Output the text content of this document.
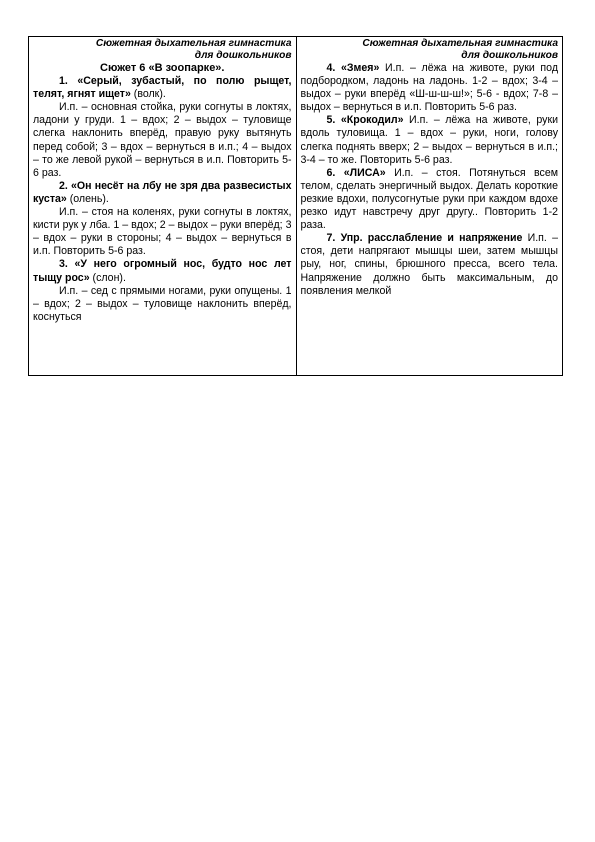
Сюжетная дыхательная гимнастика
для дошкольников
Сюжет 6 «В зоопарке».

1. «Серый, зубастый, по полю рыщет, телят, ягнят ищет» (волк).

И.п. – основная стойка, руки согнуты в локтях, ладони у груди. 1 – вдох; 2 – выдох – туловище слегка наклонить вперёд, правую руку вытянуть перед собой; 3 – вдох – вернуться в и.п.; 4 – выдох – то же левой рукой – вернуться в и.п. Повторить 5-6 раз.

2. «Он несёт на лбу не зря два развесистых куста» (олень).

И.п. – стоя на коленях, руки согнуты в локтях, кисти рук у лба. 1 – вдох; 2 – выдох – руки вперёд; 3 – вдох – руки в стороны; 4 – выдох – вернуться в и.п. Повторить 5-6 раз.

3. «У него огромный нос, будто нос лет тыщу рос» (слон).

И.п. – сед с прямыми ногами, руки опущены. 1 – вдох; 2 – выдох – туловище наклонить вперёд, коснуться

Сюжетная дыхательная гимнастика
для дошкольников

4. «Змея» И.п. – лёжа на животе, руки под подбородком, ладонь на ладонь. 1-2 – вдох; 3-4 – выдох – руки вперёд «Ш-ш-ш-ш!»; 5-6 - вдох; 7-8 – выдох – вернуться в и.п. Повторить 5-6 раз.

5. «Крокодил» И.п. – лёжа на животе, руки вдоль туловища. 1 – вдох – руки, ноги, голову слегка поднять вверх; 2 – выдох – вернуться в и.п.; 3-4 – то же. Повторить 5-6 раз.

6. «ЛИСА» И.п. – стоя. Потянуться всем телом, сделать энергичный выдох. Делать короткие резкие вдохи, полусогнутые руки при каждом вдохе резко идут навстречу друг другу.. Повторить 1-2 раза.

7. Упр. расслабление и напряжение И.п. – стоя, дети напрягают мышцы шеи, затем мышцы рыу, ног, спины, брюшного пресса, всего тела. Напряжение должно быть максимальным, до появления мелкой
